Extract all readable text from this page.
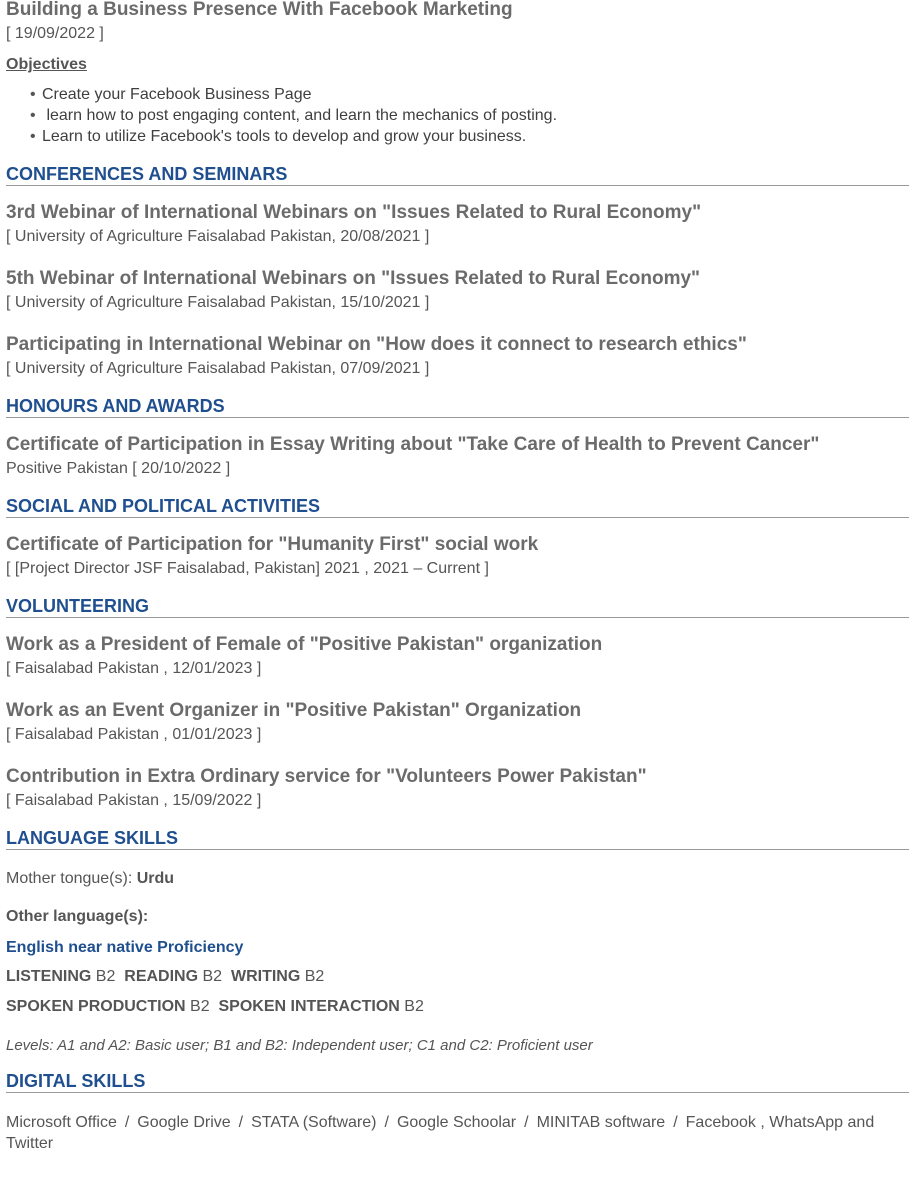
Building a Business Presence With Facebook Marketing

[ 19/09/2022 ]

Objectives
• Create your Facebook Business Page
• learn how to post engaging content, and learn the mechanics of posting.
• Learn to utilize Facebook's tools to develop and grow your business.
CONFERENCES AND SEMINARS

3rd Webinar of International Webinars on "Issues Related to Rural Economy"

[ University of Agriculture Faisalabad Pakistan, 20/08/2021 ]

5th Webinar of International Webinars on "Issues Related to Rural Economy"

[ University of Agriculture Faisalabad Pakistan, 15/10/2021 ]

Participating in International Webinar on "How does it connect to research ethics"

[ University of Agriculture Faisalabad Pakistan, 07/09/2021 ]

HONOURS AND AWARDS

Certificate of Participation in Essay Writing about "Take Care of Health to Prevent Cancer"

Positive Pakistan [ 20/10/2022 ]

SOCIAL AND POLITICAL ACTIVITIES

Certificate of Participation for "Humanity First" social work

[ [Project Director JSF Faisalabad, Pakistan] 2021 , 2021 – Current ]

VOLUNTEERING

Work as a President of Female of "Positive Pakistan" organization

[ Faisalabad Pakistan , 12/01/2023 ]

Work as an Event Organizer in "Positive Pakistan" Organization

[ Faisalabad Pakistan , 01/01/2023 ]

Contribution in Extra Ordinary service for "Volunteers Power Pakistan"

[ Faisalabad Pakistan , 15/09/2022 ]

LANGUAGE SKILLS

Mother tongue(s): Urdu

Other language(s):

English near native Proficiency

LISTENING B2 READING B2 WRITING B2

SPOKEN PRODUCTION B2 SPOKEN INTERACTION B2

Levels: A1 and A2: Basic user; B1 and B2: Independent user; C1 and C2: Proficient user

DIGITAL SKILLS

Microsoft Office / Google Drive / STATA (Software) / Google Schoolar / MINITAB software / Facebook , WhatsApp and Twitter
